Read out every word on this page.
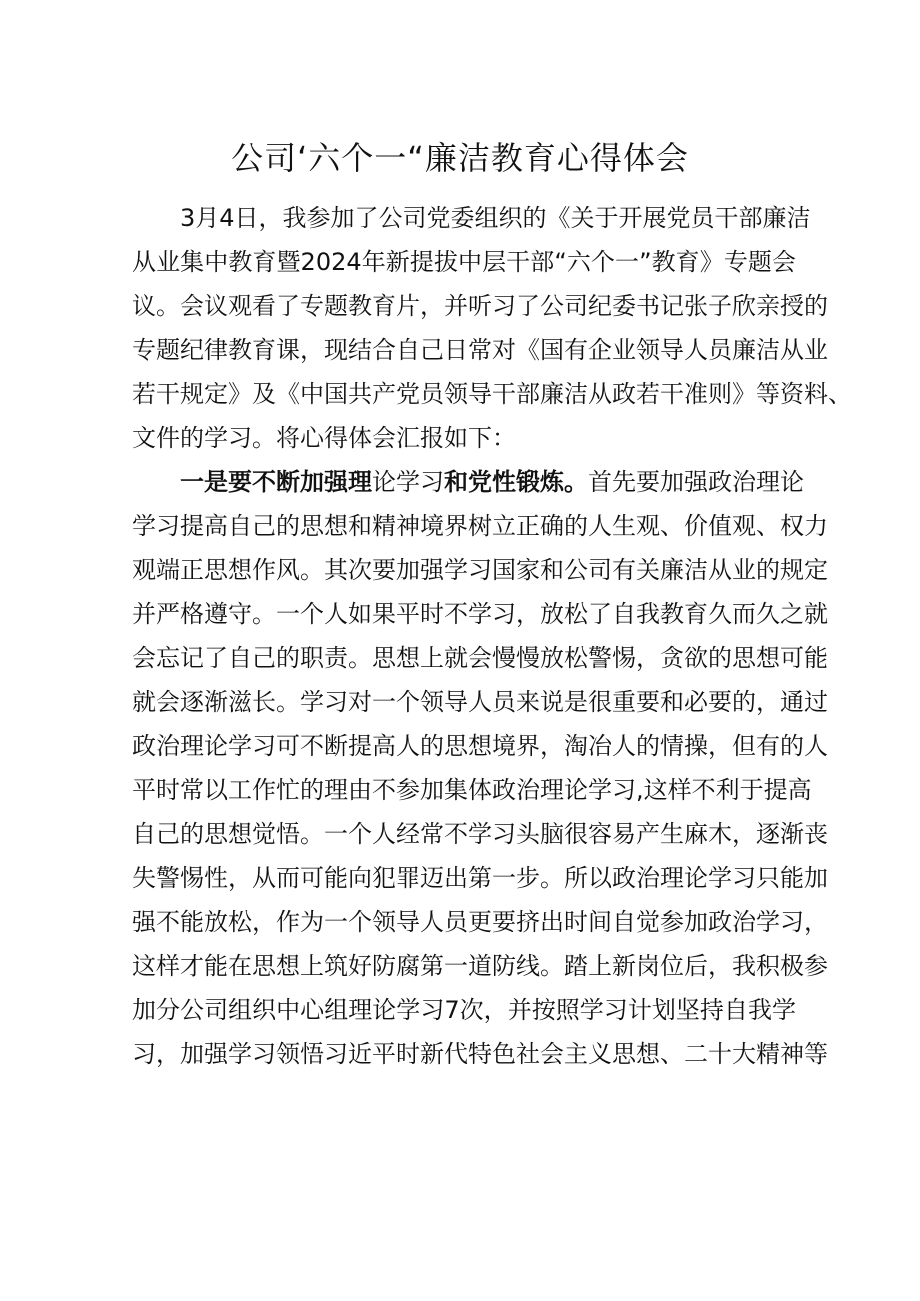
公司‘六个一“廉洁教育心得体会
3月4日，我参加了公司党委组织的《关于开展党员干部廉洁
从业集中教育暨2024年新提拔中层干部“六个一”教育》专题会
议。会议观看了专题教育片，并听习了公司纪委书记张子欣亲授的
专题纪律教育课，现结合自己日常对《国有企业领导人员廉洁从业
若干规定》及《中国共产党员领导干部廉洁从政若干准则》等资料、
文件的学习。将心得体会汇报如下：
一是要不断加强理论学习和党性锻炼。首先要加强政治理论
学习提高自己的思想和精神境界树立正确的人生观、价值观、权力
观端正思想作风。其次要加强学习国家和公司有关廉洁从业的规定
并严格遵守。一个人如果平时不学习，放松了自我教育久而久之就
会忘记了自己的职责。思想上就会慢慢放松警惕，贪欲的思想可能
就会逐渐滋长。学习对一个领导人员来说是很重要和必要的，通过
政治理论学习可不断提高人的思想境界，淘冶人的情操，但有的人
平时常以工作忙的理由不参加集体政治理论学习,这样不利于提高
自己的思想觉悟。一个人经常不学习头脑很容易产生麻木，逐渐丧
失警惕性，从而可能向犯罪迈出第一步。所以政治理论学习只能加
强不能放松，作为一个领导人员更要挤出时间自觉参加政治学习，
这样才能在思想上筑好防腐第一道防线。踏上新岗位后，我积极参
加分公司组织中心组理论学习7次，并按照学习计划坚持自我学
习，加强学习领悟习近平时新代特色社会主义思想、二十大精神等
